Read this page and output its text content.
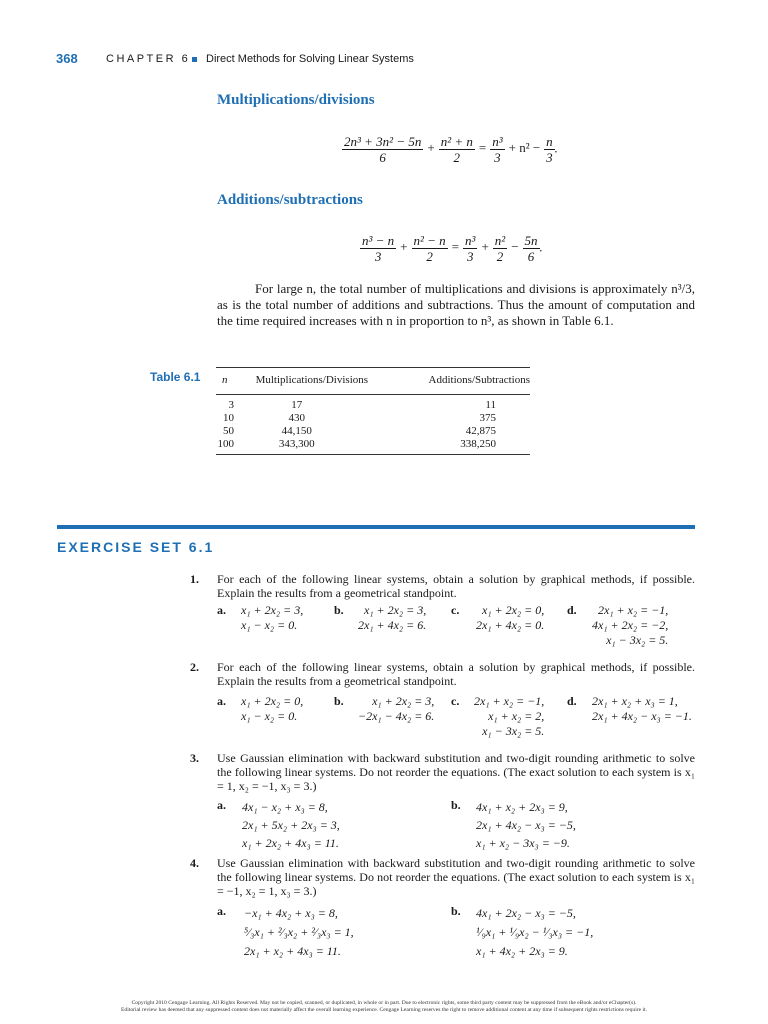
368	CHAPTER 6 Direct Methods for Solving Linear Systems
Multiplications/divisions
$\frac{\text{2n³ + 3n² − 5n}}{6} + \frac{\text{n² + n}}{2} = \frac{\text{n³}}{3} + n^2 - \frac{n}{3}$ .
Additions/subtractions
$\frac{\text{n³ − n}}{3} + \frac{\text{n² − n}}{2} = \frac{\text{n³}}{3} + \frac{\text{n²}}{2} - \frac{5n}{6}$ .

For large n, the total number of multiplications and divisions is approximately n³/3, as is the total number of additions and subtractions. Thus the amount of computation and the time required increases with n in proportion to n³, as shown in Table 6.1.

Table 6.1 n	Multiplications/Divisions	Additions/Subtractions
3	17	11
10	430	375
50	44,150	42,875
100	343,300	338,250
EXERCISE SET 6.1
1. For each of the following linear systems, obtain a solution by graphical methods, if possible. Explain the results from a geometrical standpoint.
a. x₁ + 2x₂ = 3,
x₁ − x₂ = 0.
b.	x₁ + 2x₂ = 3,
2x₁ + 4x₂ = 6.
c.	x₁ + 2x₂ = 0,
2x₁ + 4x₂ = 0.
d.	2x₁ + x₂ = −1,
4x₁ + 2x₂ = −2,
x₁ − 3x₂ = 5.
2. For each of the following linear systems, obtain a solution by graphical methods, if possible. Explain the results from a geometrical standpoint.
a. x₁ + 2x₂ = 0,
x₁ − x₂ = 0.
b.	x₁ + 2x₂ = 3,
−2x₁ − 4x₂ = 6.
c. 2x₁ + x₂ = −1,
x₁ + x₂ = 2,
x₁ − 3x₂ = 5.
d. 2x₁ + x₂ + x₃ = 1,
2x₁ + 4x₂ − x₃ = −1.
3. Use Gaussian elimination with backward substitution and two-digit rounding arithmetic to solve the following linear systems. Do not reorder the equations. (The exact solution to each system is x₁ = 1, x₂ = −1, x₃ = 3.)
a. 4x₁ − x₂ + x₃ = 8,
2x₁ + 5x₂ + 2x₃ = 3,
x₁ + 2x₂ + 4x₃ = 11.
b. 4x₁ + x₂ + 2x₃ = 9,
2x₁ + 4x₂ − x₃ = −5,
x₁ + x₂ − 3x₃ = −9.
4. Use Gaussian elimination with backward substitution and two-digit rounding arithmetic to solve the following linear systems. Do not reorder the equations. (The exact solution to each system is x₁ = −1, x₂ = 1, x₃ = 3.)
a. −x₁ + 4x₂ + x₃ = 8,
⁵⁄₃x₁ + ²⁄₃x₂ + ²⁄₃x₃ = 1,
2x₁ + x₂ + 4x₃ = 11.
b. 4x₁ + 2x₂ − x₃ = −5,
¹⁄₉x₁ + ¹⁄₉x₂ − ¹⁄₃x₃ = −1,
x₁ + 4x₂ + 2x₃ = 9.
Copyright 2010 Cengage Learning. All Rights Reserved. May not be copied, scanned, or duplicated, in whole or in part. Due to electronic rights, some third party content may be suppressed from the eBook and/or eChapter(s).
Editorial review has deemed that any suppressed content does not materially affect the overall learning experience. Cengage Learning reserves the right to remove additional content at any time if subsequent rights restrictions require it.
